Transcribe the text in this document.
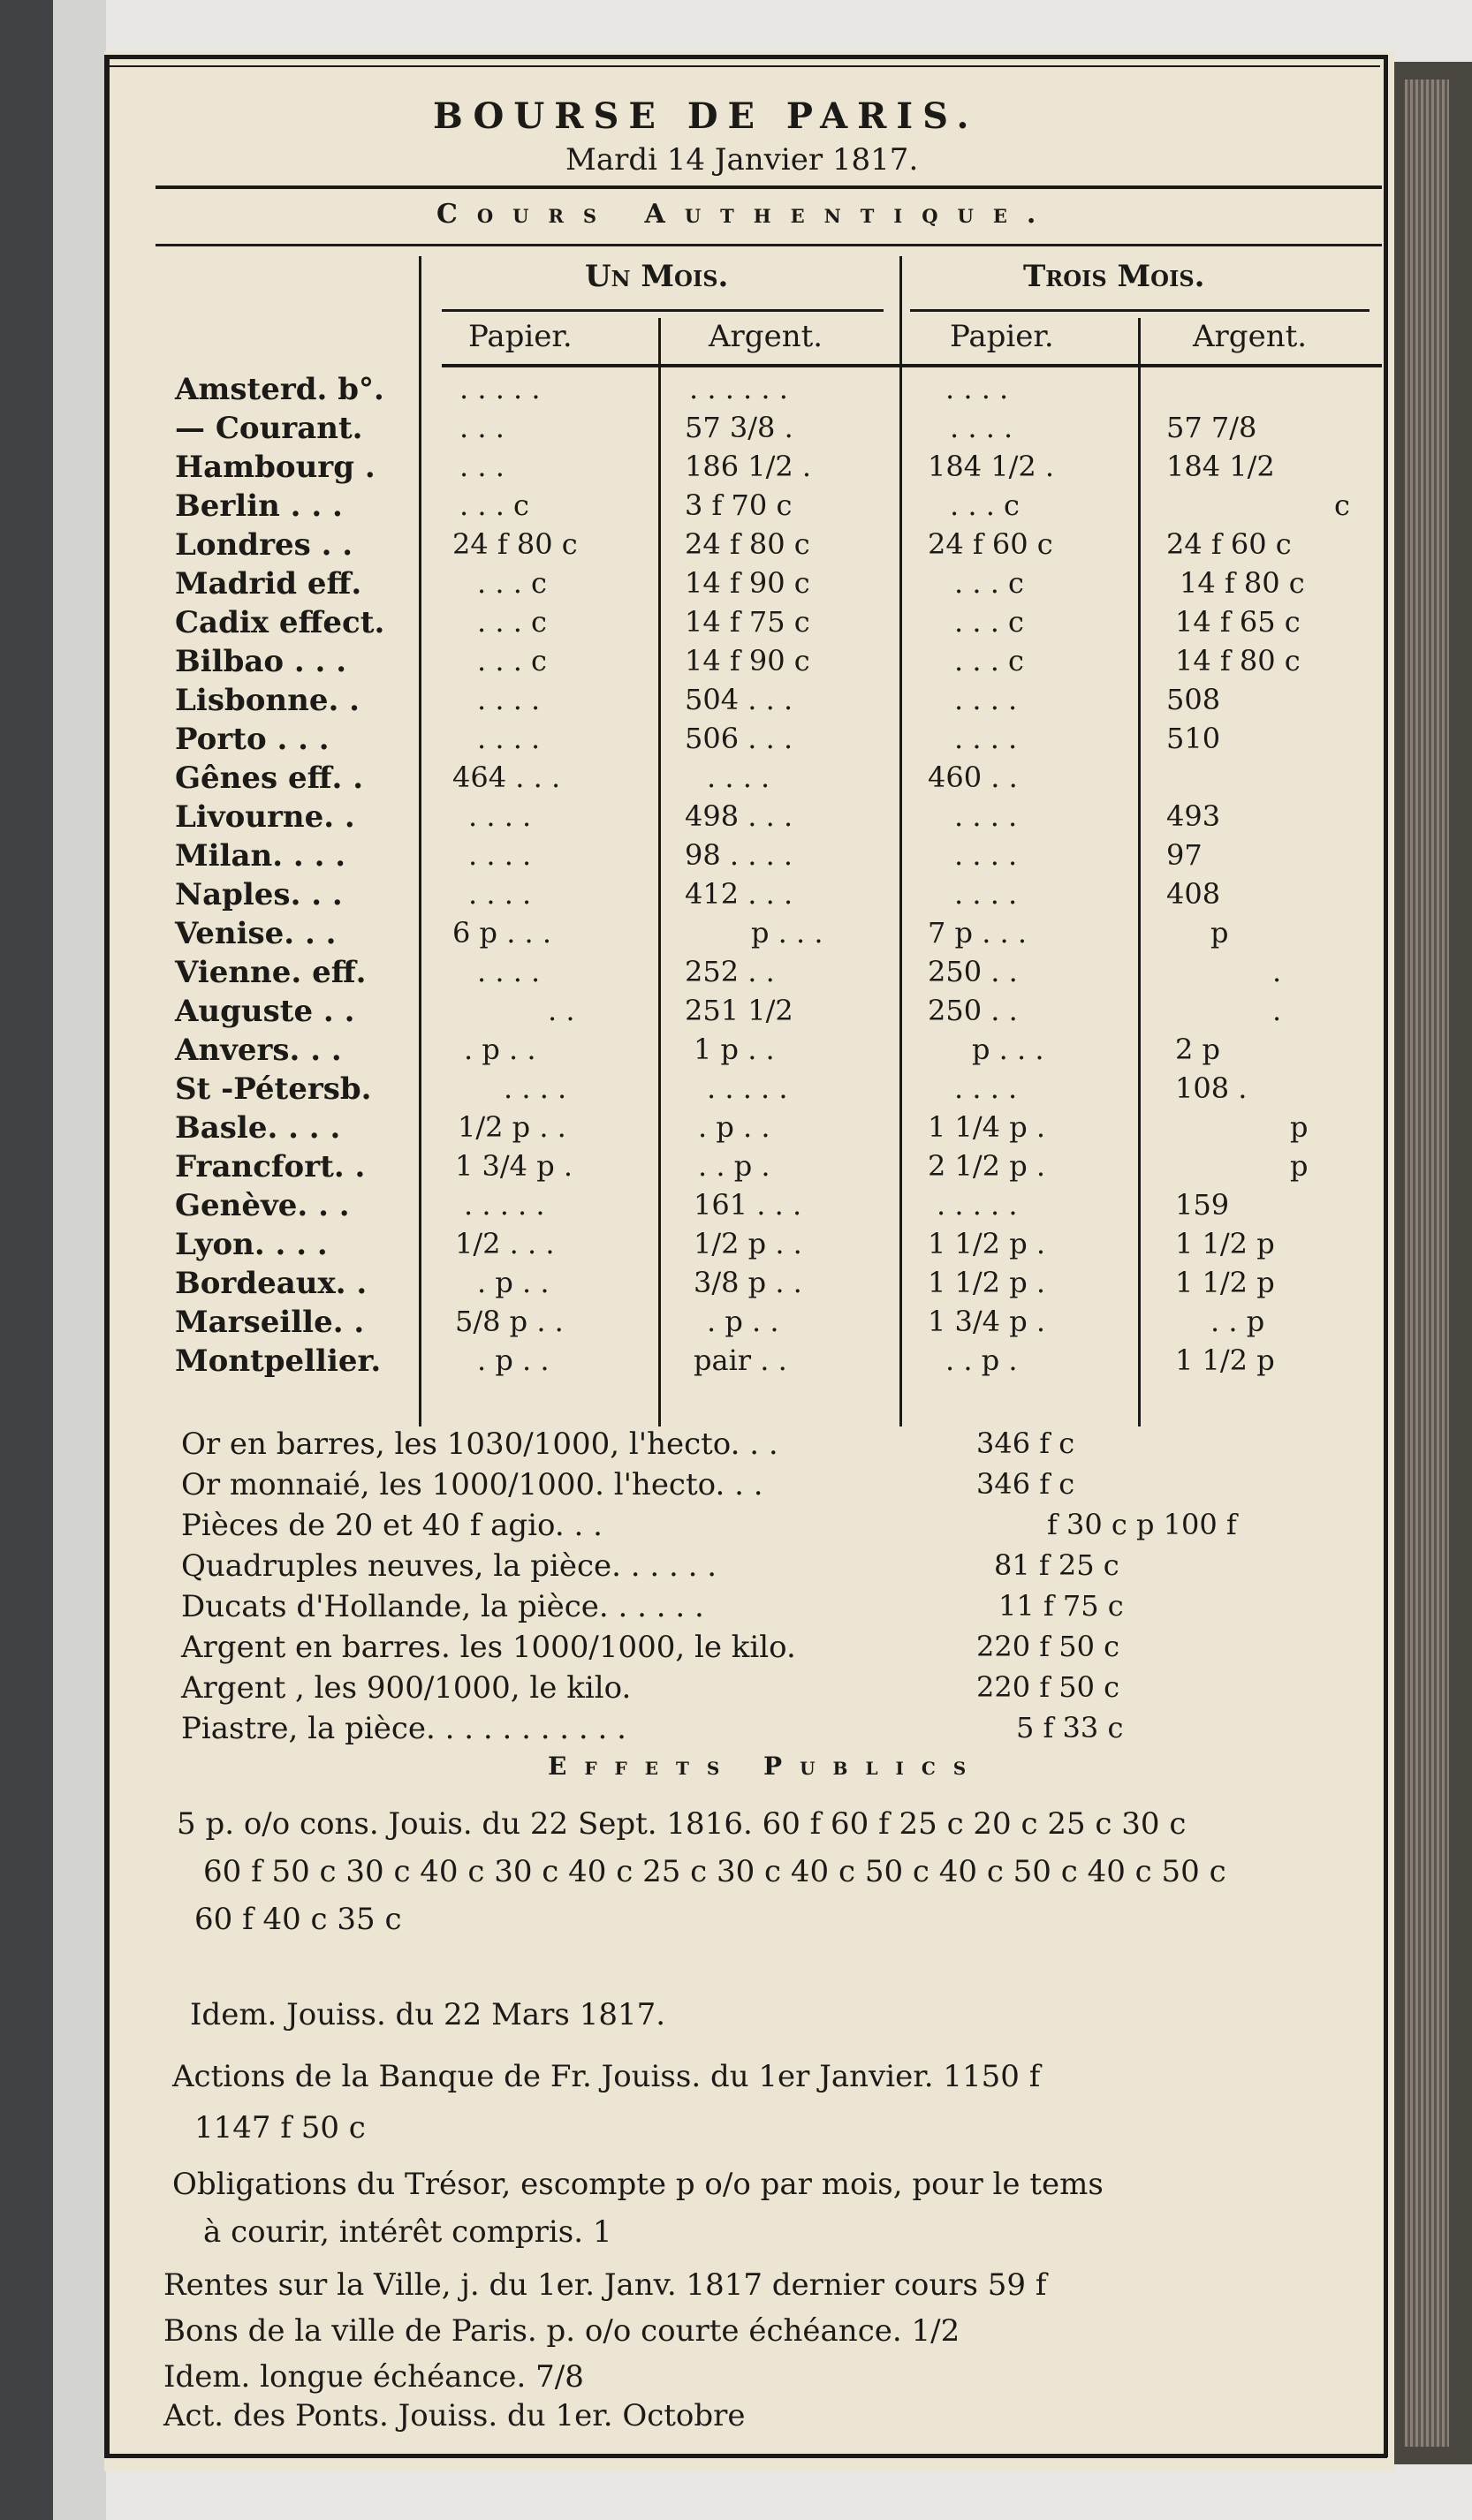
BOURSE DE PARIS.
Mardi 14 Janvier 1817.
Cours Authentique.
Un Mois.	Trois Mois.
Papier.	Argent.	Papier.	Argent.
Amsterd. b°.	. . . . .	. . . . . .	. . . .
— Courant.	. . .	57 3/8 .	. . . .	57 7/8
Hambourg .	. . .	186 1/2 .	184 1/2 .	184 1/2
Berlin . . .	. . . c	3 f 70 c	. . . c	c
Londres . .	24 f 80 c	24 f 80 c	24 f 60 c	24 f 60 c
Madrid eff.	. . . c	14 f 90 c	. . . c	14 f 80 c
Cadix effect.	. . . c	14 f 75 c	. . . c	14 f 65 c
Bilbao . . .	. . . c	14 f 90 c	. . . c	14 f 80 c
Lisbonne. .	. . . .	504 . . .	. . . .	508
Porto . . .	. . . .	506 . . .	. . . .	510
Gênes eff. .	464 . . .	. . . .	460 . .
Livourne. .	. . . .	498 . . .	. . . .	493
Milan. . . .	. . . .	98 . . . .	. . . .	97
Naples. . .	. . . .	412 . . .	. . . .	408
Venise. . .	6 p . . .	p . . .	7 p . . .	p
Vienne. eff.	. . . .	252 . .	250 . .	.
Auguste . .	. .	251 1/2	250 . .	.
Anvers. . .	. p . .	1 p . .	p . . .	2 p
St -Pétersb.	. . . .	. . . . .	. . . .	108 .
Basle. . . .	1/2 p . .	. p . .	1 1/4 p .	p
Francfort. .	1 3/4 p .	. . p .	2 1/2 p .	p
Genève. . .	. . . . .	161 . . .	. . . . .	159
Lyon. . . .	1/2 . . .	1/2 p . .	1 1/2 p .	1 1/2 p
Bordeaux. .	. p . .	3/8 p . .	1 1/2 p .	1 1/2 p
Marseille. .	5/8 p . .	. p . .	1 3/4 p .	. . p
Montpellier.	. p . .	pair . .	. . p .	1 1/2 p
Or en barres, les 1030/1000, l'hecto. . .	346 f c
Or monnaié, les 1000/1000. l'hecto. . .	346 f c
Pièces de 20 et 40 f agio. . .	f 30 c p 100 f
Quadruples neuves, la pièce. . . . . .	81 f 25 c
Ducats d'Hollande, la pièce. . . . . .	11 f 75 c
Argent en barres. les 1000/1000, le kilo.	220 f 50 c
Argent , les 900/1000, le kilo.	220 f 50 c
Piastre, la pièce. . . . . . . . . . .	5 f 33 c
Effets Publics
5 p. o/o cons. Jouis. du 22 Sept. 1816. 60 f 60 f 25 c 20 c 25 c 30 c
60 f 50 c 30 c 40 c 30 c 40 c 25 c 30 c 40 c 50 c 40 c 50 c 40 c 50 c
60 f 40 c 35 c
Idem. Jouiss. du 22 Mars 1817.
Actions de la Banque de Fr. Jouiss. du 1er Janvier. 1150 f
1147 f 50 c
Obligations du Trésor, escompte p o/o par mois, pour le tems
à courir, intérêt compris. 1
Rentes sur la Ville, j. du 1er. Janv. 1817 dernier cours 59 f
Bons de la ville de Paris. p. o/o courte échéance. 1/2
Idem. longue échéance. 7/8
Act. des Ponts. Jouiss. du 1er. Octobre
